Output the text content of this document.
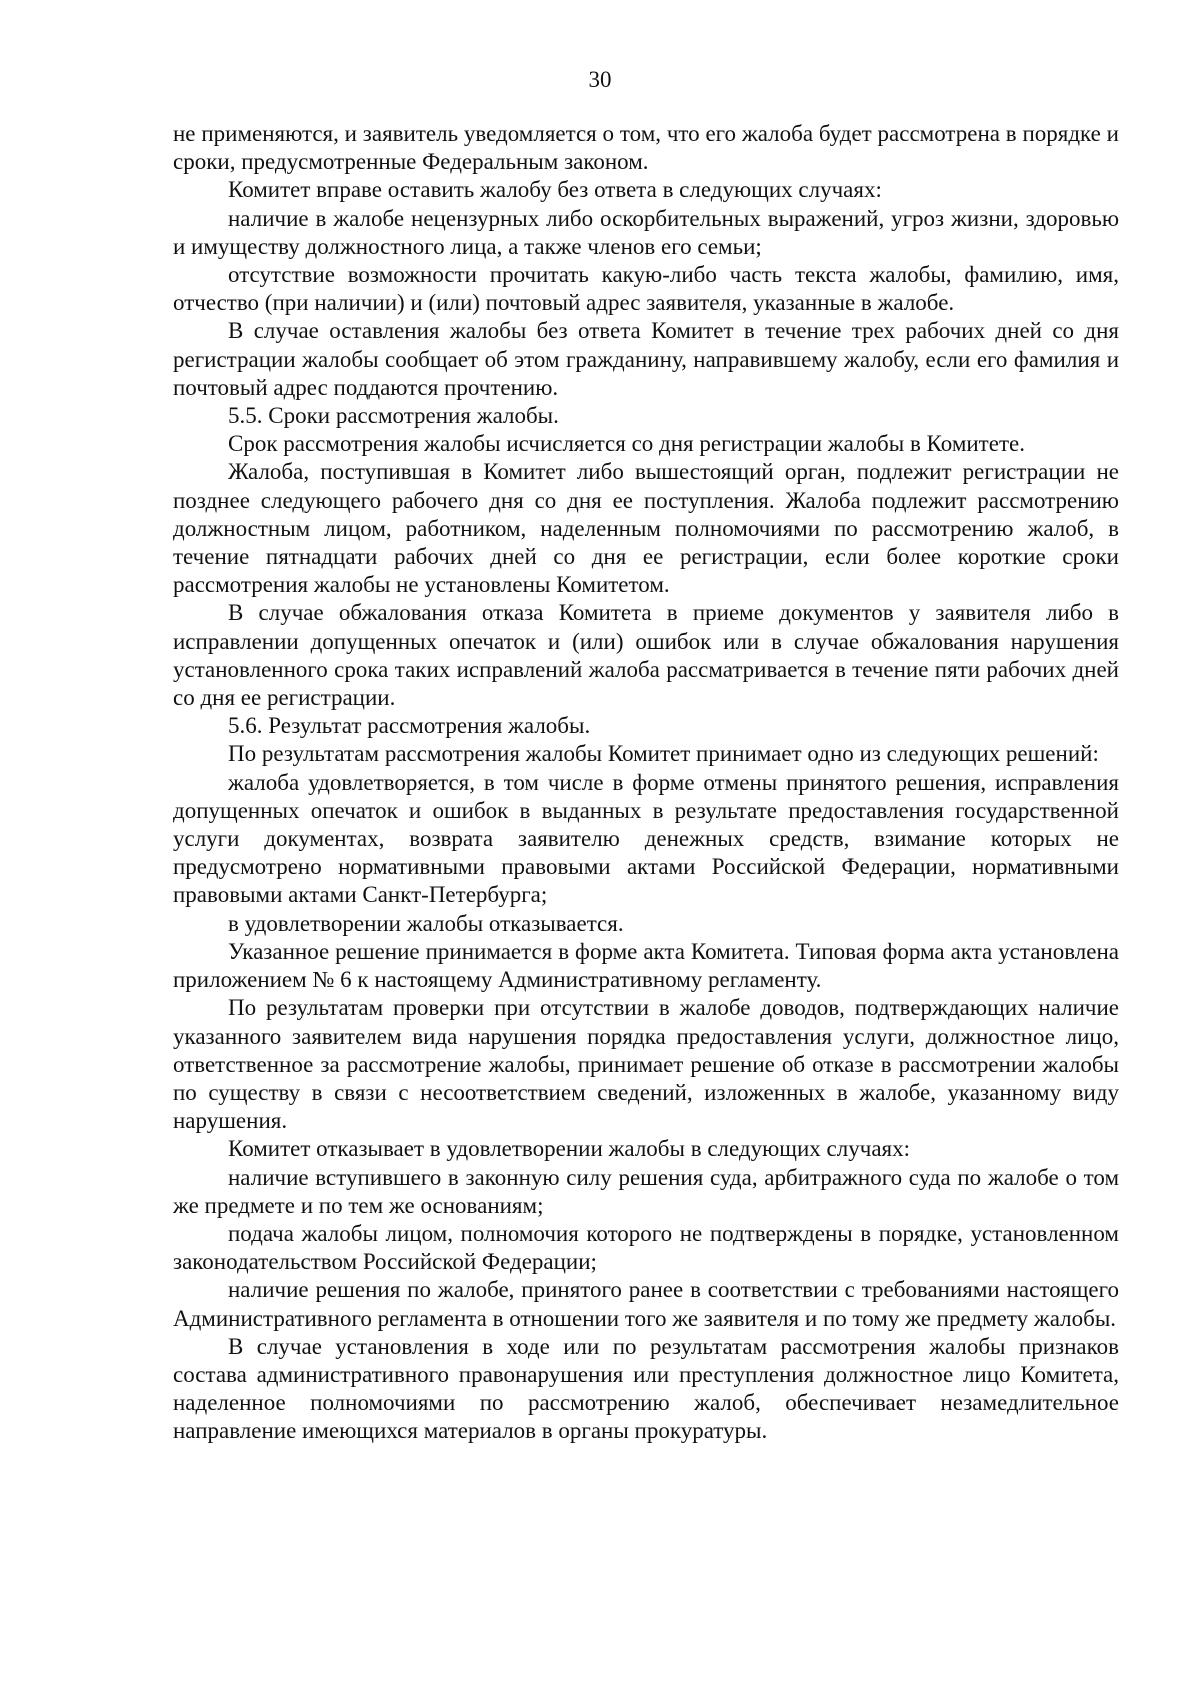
30

не применяются, и заявитель уведомляется о том, что его жалоба будет рассмотрена в порядке и сроки, предусмотренные Федеральным законом.

Комитет вправе оставить жалобу без ответа в следующих случаях:

наличие в жалобе нецензурных либо оскорбительных выражений, угроз жизни, здоровью и имуществу должностного лица, а также членов его семьи;

отсутствие возможности прочитать какую-либо часть текста жалобы, фамилию, имя, отчество (при наличии) и (или) почтовый адрес заявителя, указанные в жалобе.

В случае оставления жалобы без ответа Комитет в течение трех рабочих дней со дня регистрации жалобы сообщает об этом гражданину, направившему жалобу, если его фамилия и почтовый адрес поддаются прочтению.

5.5. Сроки рассмотрения жалобы.

Срок рассмотрения жалобы исчисляется со дня регистрации жалобы в Комитете.

Жалоба, поступившая в Комитет либо вышестоящий орган, подлежит регистрации не позднее следующего рабочего дня со дня ее поступления. Жалоба подлежит рассмотрению должностным лицом, работником, наделенным полномочиями по рассмотрению жалоб, в течение пятнадцати рабочих дней со дня ее регистрации, если более короткие сроки рассмотрения жалобы не установлены Комитетом.

В случае обжалования отказа Комитета в приеме документов у заявителя либо в исправлении допущенных опечаток и (или) ошибок или в случае обжалования нарушения установленного срока таких исправлений жалоба рассматривается в течение пяти рабочих дней со дня ее регистрации.

5.6. Результат рассмотрения жалобы.

По результатам рассмотрения жалобы Комитет принимает одно из следующих решений:

жалоба удовлетворяется, в том числе в форме отмены принятого решения, исправления допущенных опечаток и ошибок в выданных в результате предоставления государственной услуги документах, возврата заявителю денежных средств, взимание которых не предусмотрено нормативными правовыми актами Российской Федерации, нормативными правовыми актами Санкт-Петербурга;

в удовлетворении жалобы отказывается.

Указанное решение принимается в форме акта Комитета. Типовая форма акта установлена приложением № 6 к настоящему Административному регламенту.

По результатам проверки при отсутствии в жалобе доводов, подтверждающих наличие указанного заявителем вида нарушения порядка предоставления услуги, должностное лицо, ответственное за рассмотрение жалобы, принимает решение об отказе в рассмотрении жалобы по существу в связи с несоответствием сведений, изложенных в жалобе, указанному виду нарушения.

Комитет отказывает в удовлетворении жалобы в следующих случаях:

наличие вступившего в законную силу решения суда, арбитражного суда по жалобе о том же предмете и по тем же основаниям;

подача жалобы лицом, полномочия которого не подтверждены в порядке, установленном законодательством Российской Федерации;

наличие решения по жалобе, принятого ранее в соответствии с требованиями настоящего Административного регламента в отношении того же заявителя и по тому же предмету жалобы.

В случае установления в ходе или по результатам рассмотрения жалобы признаков состава административного правонарушения или преступления должностное лицо Комитета, наделенное полномочиями по рассмотрению жалоб, обеспечивает незамедлительное направление имеющихся материалов в органы прокуратуры.
